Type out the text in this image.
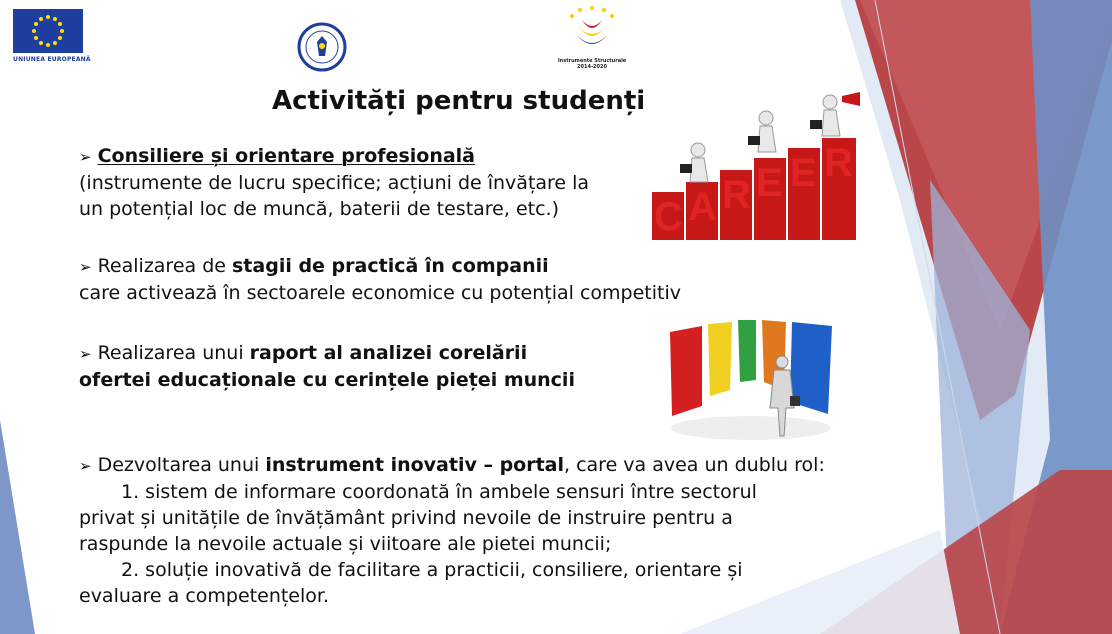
UNIUNEA EUROPEANĂ	Instrumente Structurale
2014-2020
Activități pentru studenți
➢ Consiliere și orientare profesională
(instrumente de lucru specifice; acțiuni de învățare la
un potențial loc de muncă, baterii de testare, etc.)
➢ Realizarea de stagii de practică în companii
care activează în sectoarele economice cu potențial competitiv
➢ Realizarea unui raport al analizei corelării
ofertei educaționale cu cerințele pieței muncii
➢ Dezvoltarea unui instrument inovativ – portal, care va avea un dublu rol:
1. sistem de informare coordonată în ambele sensuri între sectorul
privat și unitățile de învățământ privind nevoile de instruire pentru a
raspunde la nevoile actuale și viitoare ale pietei muncii;
2. soluție inovativă de facilitare a practicii, consiliere, orientare și
evaluare a competențelor.
C A R E E R
